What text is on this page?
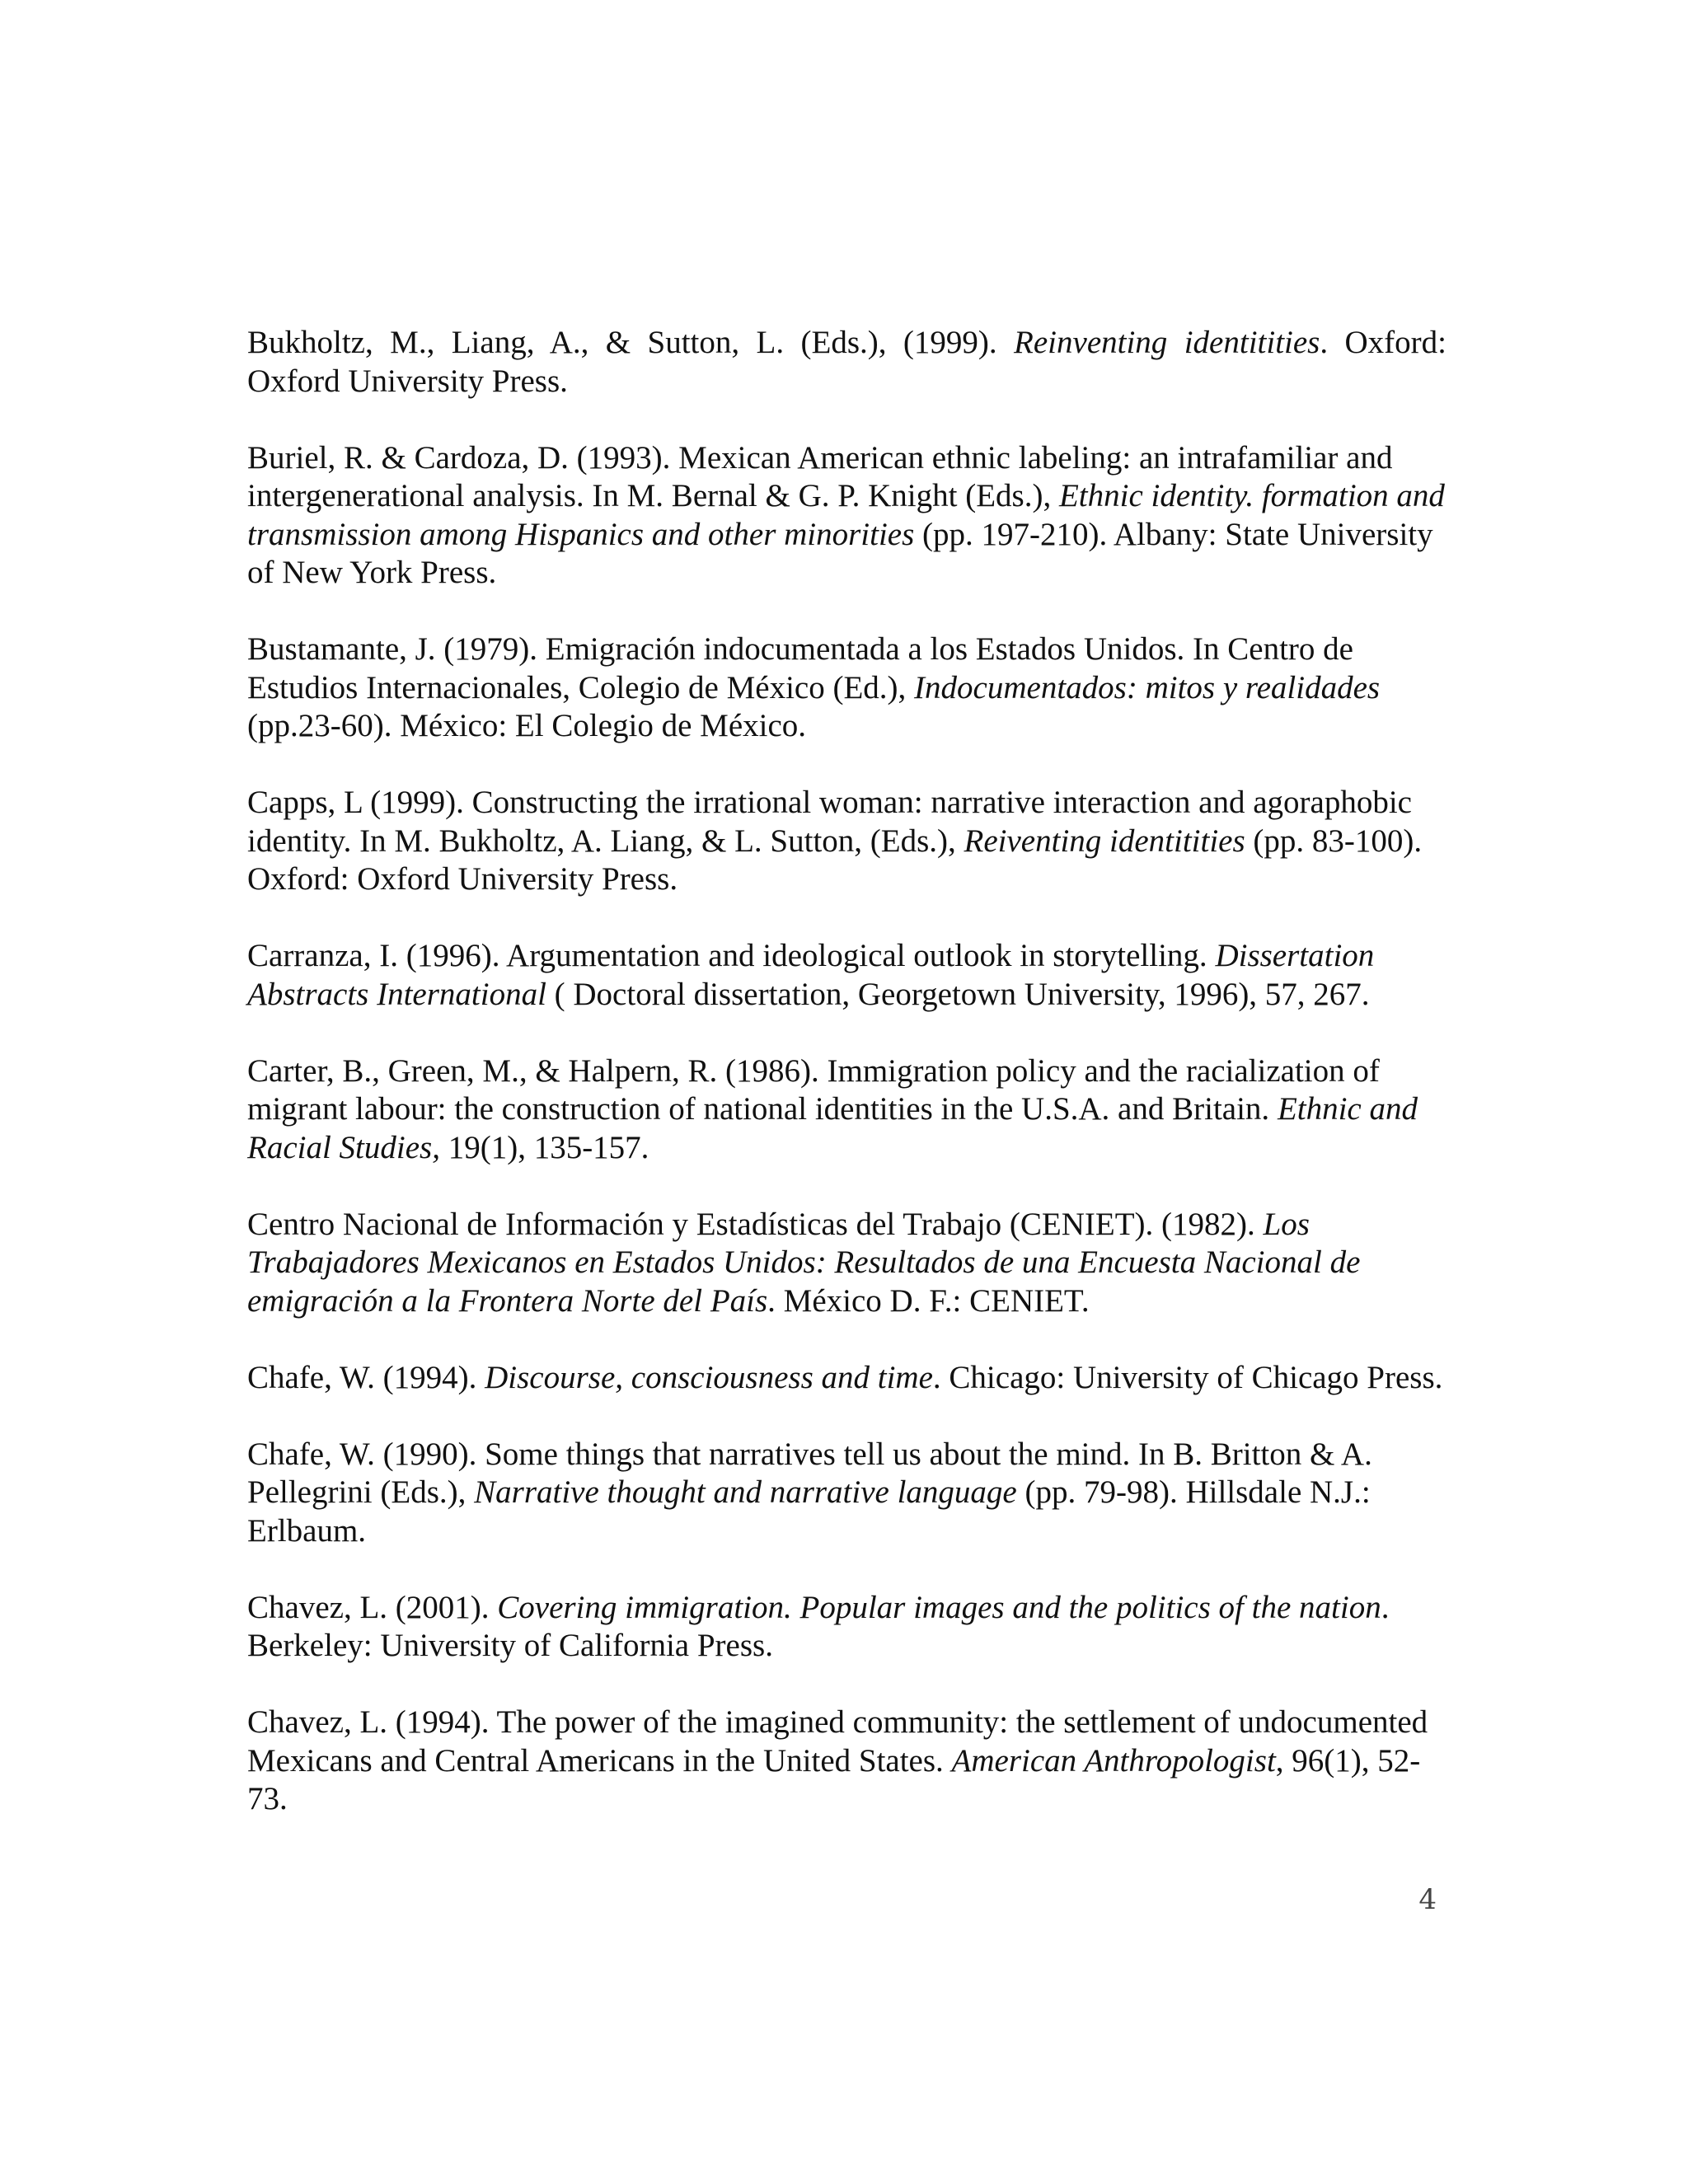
Bukholtz, M., Liang, A., & Sutton, L. (Eds.), (1999). Reinventing identitities. Oxford: Oxford University Press.

Buriel, R. & Cardoza, D. (1993). Mexican American ethnic labeling: an intrafamiliar and intergenerational analysis. In M. Bernal & G. P. Knight (Eds.), Ethnic identity. formation and transmission among Hispanics and other minorities (pp. 197-210). Albany: State University of New York Press.

Bustamante, J. (1979). Emigración indocumentada a los Estados Unidos. In Centro de Estudios Internacionales, Colegio de México (Ed.), Indocumentados: mitos y realidades (pp.23-60). México: El Colegio de México.

Capps, L (1999). Constructing the irrational woman: narrative interaction and agoraphobic identity. In M. Bukholtz, A. Liang, & L. Sutton, (Eds.), Reiventing identitities (pp. 83-100). Oxford: Oxford University Press.

Carranza, I. (1996). Argumentation and ideological outlook in storytelling. Dissertation Abstracts International ( Doctoral dissertation, Georgetown University, 1996), 57, 267.

Carter, B., Green, M., & Halpern, R. (1986). Immigration policy and the racialization of migrant labour: the construction of national identities in the U.S.A. and Britain. Ethnic and Racial Studies, 19(1), 135-157.

Centro Nacional de Información y Estadísticas del Trabajo (CENIET). (1982). Los Trabajadores Mexicanos en Estados Unidos: Resultados de una Encuesta Nacional de emigración a la Frontera Norte del País. México D. F.: CENIET.

Chafe, W. (1994). Discourse, consciousness and time. Chicago: University of Chicago Press.

Chafe, W. (1990). Some things that narratives tell us about the mind. In B. Britton & A. Pellegrini (Eds.), Narrative thought and narrative language (pp. 79-98). Hillsdale N.J.: Erlbaum.

Chavez, L. (2001). Covering immigration. Popular images and the politics of the nation. Berkeley: University of California Press.

Chavez, L. (1994). The power of the imagined community: the settlement of undocumented Mexicans and Central Americans in the United States. American Anthropologist, 96(1), 52-73.

4
